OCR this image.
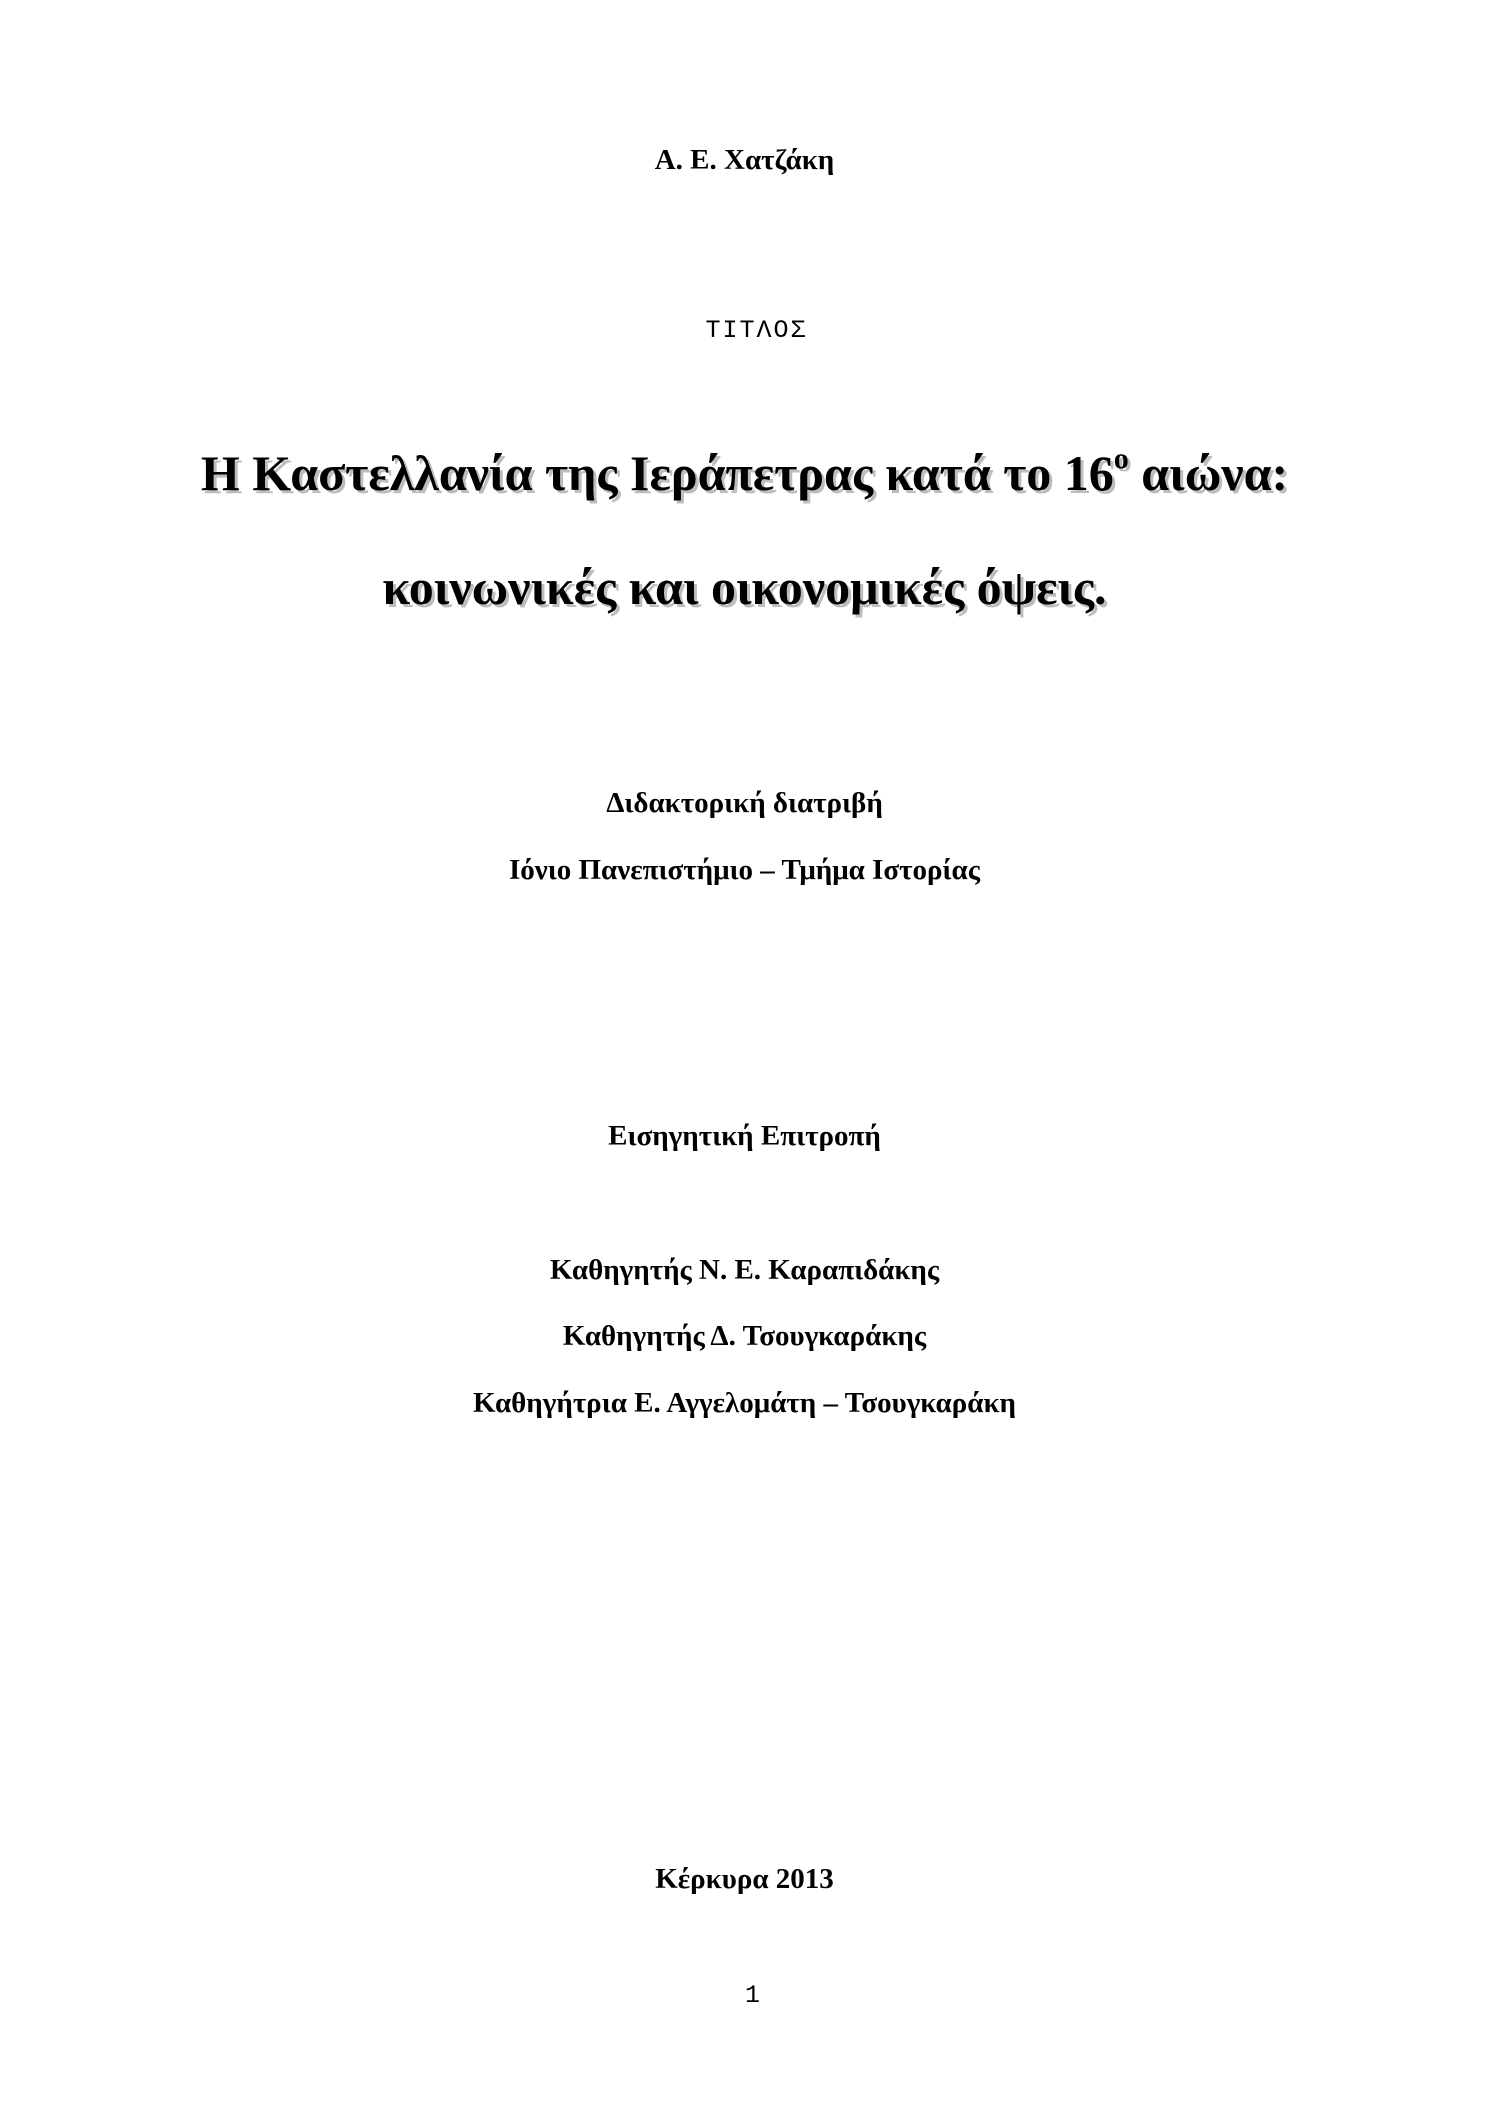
Α. Ε. Χατζάκη
ΤΙΤΛΟΣ
Η Καστελλανία της Ιεράπετρας κατά το $16^o$ αιώνα:
κοινωνικές και οικονομικές όψεις.
Διδακτορική διατριβή
Ιόνιο Πανεπιστήμιο – Τμήμα Ιστορίας
Εισηγητική Επιτροπή
Καθηγητής Ν. Ε. Καραπιδάκης
Καθηγητής Δ. Τσουγκαράκης
Καθηγήτρια Ε. Αγγελομάτη – Τσουγκαράκη
Κέρκυρα 2013
1
